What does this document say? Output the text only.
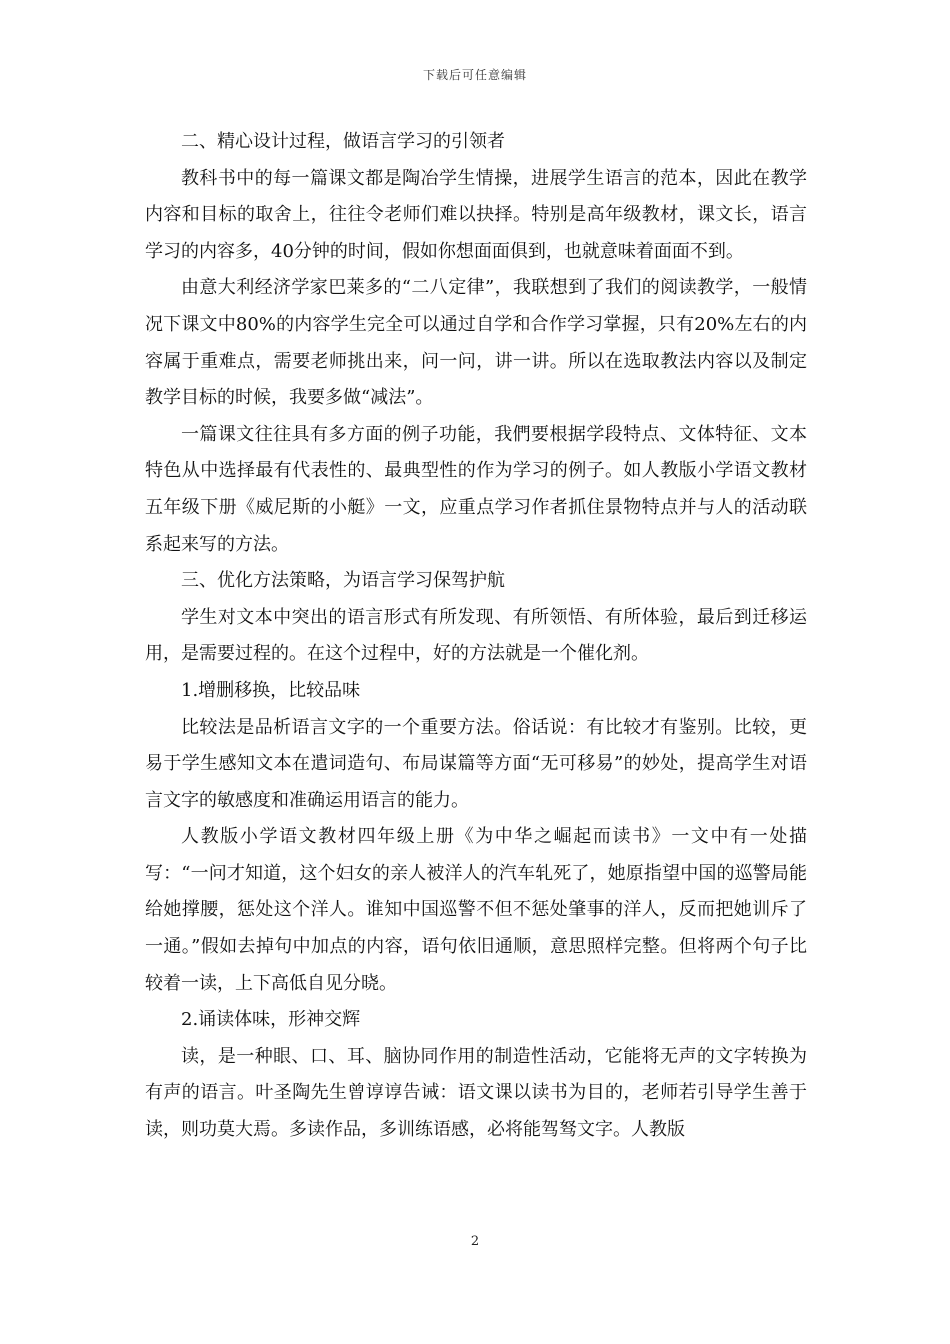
下载后可任意编辑

二、精心设计过程，做语言学习的引领者

教科书中的每一篇课文都是陶冶学生情操，进展学生语言的范本，因此在教学内容和目标的取舍上，往往令老师们难以抉择。特别是高年级教材，课文长，语言学习的内容多，40分钟的时间，假如你想面面俱到，也就意味着面面不到。

由意大利经济学家巴莱多的“二八定律”，我联想到了我们的阅读教学，一般情况下课文中80%的内容学生完全可以通过自学和合作学习掌握，只有20%左右的内容属于重难点，需要老师挑出来，问一问，讲一讲。所以在选取教法内容以及制定教学目标的时候，我要多做“减法”。

一篇课文往往具有多方面的例子功能，我們要根据学段特点、文体特征、文本特色从中选择最有代表性的、最典型性的作为学习的例子。如人教版小学语文教材五年级下册《威尼斯的小艇》一文，应重点学习作者抓住景物特点并与人的活动联系起来写的方法。

三、优化方法策略，为语言学习保驾护航

学生对文本中突出的语言形式有所发现、有所领悟、有所体验，最后到迁移运用，是需要过程的。在这个过程中，好的方法就是一个催化剂。

1.增删移换，比较品味

比较法是品析语言文字的一个重要方法。俗话说：有比较才有鉴别。比较，更易于学生感知文本在遣词造句、布局谋篇等方面“无可移易”的妙处，提高学生对语言文字的敏感度和准确运用语言的能力。

人教版小学语文教材四年级上册《为中华之崛起而读书》一文中有一处描写：“一问才知道，这个妇女的亲人被洋人的汽车轧死了，她原指望中国的巡警局能给她撑腰，惩处这个洋人。谁知中国巡警不但不惩处肇事的洋人，反而把她训斥了一通。”假如去掉句中加点的内容，语句依旧通顺，意思照样完整。但将两个句子比较着一读，上下高低自见分晓。

2.诵读体味，形神交辉

读，是一种眼、口、耳、脑协同作用的制造性活动，它能将无声的文字转换为有声的语言。叶圣陶先生曾谆谆告诫：语文课以读书为目的，老师若引导学生善于读，则功莫大焉。多读作品，多训练语感，必将能驾驽文字。人教版

2
